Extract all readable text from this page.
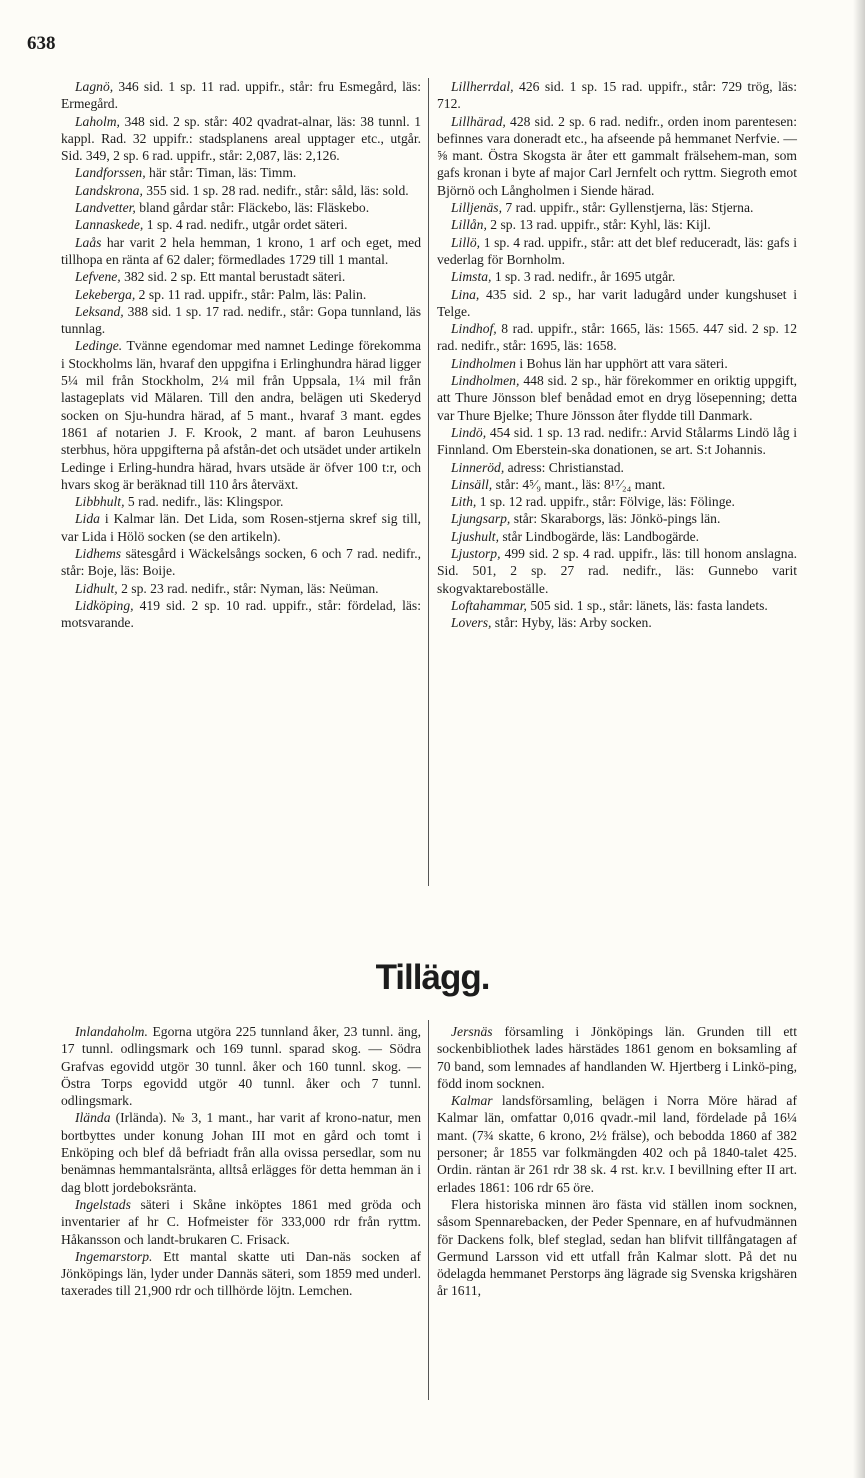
638

Lagnö, 346 sid. 1 sp. 11 rad. uppifr., står: fru Esmegård, läs: Ermegård.

Laholm, 348 sid. 2 sp. står: 402 qvadrat-alnar, läs: 38 tunnl. 1 kappl. Rad. 32 uppifr.: stadsplanens areal upptager etc., utgår. Sid. 349, 2 sp. 6 rad. uppifr., står: 2,087, läs: 2,126.

Landforssen, här står: Timan, läs: Timm.

Landskrona, 355 sid. 1 sp. 28 rad. nedifr., står: såld, läs: sold.

Landvetter, bland gårdar står: Fläckebo, läs: Fläskebo.

Lannaskede, 1 sp. 4 rad. nedifr., utgår ordet säteri.

Laås har varit 2 hela hemman, 1 krono, 1 arf och eget, med tillhopa en ränta af 62 daler; förmedlades 1729 till 1 mantal.

Lefvene, 382 sid. 2 sp. Ett mantal berustadt säteri.

Lekeberga, 2 sp. 11 rad. uppifr., står: Palm, läs: Palin.

Leksand, 388 sid. 1 sp. 17 rad. nedifr., står: Gopa tunnland, läs tunnlag.

Ledinge. Tvänne egendomar med namnet Ledinge förekomma i Stockholms län, hvaraf den uppgifna i Erlinghundra härad ligger 5¼ mil från Stockholm, 2¼ mil från Uppsala, 1¼ mil från lastageplats vid Mälaren. Till den andra, belägen uti Skederyd socken on Sju-hundra härad, af 5 mant., hvaraf 3 mant. egdes 1861 af notarien J. F. Krook, 2 mant. af baron Leuhusens sterbhus, höra uppgifterna på afstån-det och utsädet under artikeln Ledinge i Erling-hundra härad, hvars utsäde är öfver 100 t:r, och hvars skog är beräknad till 110 års återväxt.

Libbhult, 5 rad. nedifr., läs: Klingspor.

Lida i Kalmar län. Det Lida, som Rosen-stjerna skref sig till, var Lida i Hölö socken (se den artikeln).

Lidhems sätesgård i Wäckelsångs socken, 6 och 7 rad. nedifr., står: Boje, läs: Boije.

Lidhult, 2 sp. 23 rad. nedifr., står: Nyman, läs: Neüman.

Lidköping, 419 sid. 2 sp. 10 rad. uppifr., står: fördelad, läs: motsvarande.

Lillherrdal, 426 sid. 1 sp. 15 rad. uppifr., står: 729 trög, läs: 712.

Lillhärad, 428 sid. 2 sp. 6 rad. nedifr., orden inom parentesen: befinnes vara doneradt etc., ha afseende på hemmanet Nerfvie. — ⅝ mant. Östra Skogsta är åter ett gammalt frälsehem-man, som gafs kronan i byte af major Carl Jernfelt och ryttm. Siegroth emot Björnö och Långholmen i Siende härad.

Lilljenäs, 7 rad. uppifr., står: Gyllenstjerna, läs: Stjerna.

Lillån, 2 sp. 13 rad. uppifr., står: Kyhl, läs: Kijl.

Lillö, 1 sp. 4 rad. uppifr., står: att det blef reduceradt, läs: gafs i vederlag för Bornholm.

Limsta, 1 sp. 3 rad. nedifr., år 1695 utgår.

Lina, 435 sid. 2 sp., har varit ladugård under kungshuset i Telge.

Lindhof, 8 rad. uppifr., står: 1665, läs: 1565. 447 sid. 2 sp. 12 rad. nedifr., står: 1695, läs: 1658.

Lindholmen i Bohus län har upphört att vara säteri.

Lindholmen, 448 sid. 2 sp., här förekommer en oriktig uppgift, att Thure Jönsson blef benådad emot en dryg lösepenning; detta var Thure Bjelke; Thure Jönsson åter flydde till Danmark.

Lindö, 454 sid. 1 sp. 13 rad. nedifr.: Arvid Stålarms Lindö låg i Finnland. Om Eberstein-ska donationen, se art. S:t Johannis.

Linneröd, adress: Christianstad.

Linsäll, står: 4⁵⁄₉ mant., läs: 8¹⁷⁄₂₄ mant.

Lith, 1 sp. 12 rad. uppifr., står: Fölvige, läs: Fölinge.

Ljungsarp, står: Skaraborgs, läs: Jönkö-pings län.

Ljushult, står Lindbogärde, läs: Landbogärde.

Ljustorp, 499 sid. 2 sp. 4 rad. uppifr., läs: till honom anslagna. Sid. 501, 2 sp. 27 rad. nedifr., läs: Gunnebo varit skogvaktareboställe.

Loftahammar, 505 sid. 1 sp., står: länets, läs: fasta landets.

Lovers, står: Hyby, läs: Arby socken.

Tillägg.

Inlandaholm. Egorna utgöra 225 tunnland åker, 23 tunnl. äng, 17 tunnl. odlingsmark och 169 tunnl. sparad skog. — Södra Grafvas egovidd utgör 30 tunnl. åker och 160 tunnl. skog. — Östra Torps egovidd utgör 40 tunnl. åker och 7 tunnl. odlingsmark.

Ilända (Irlända). № 3, 1 mant., har varit af krono-natur, men bortbyttes under konung Johan III mot en gård och tomt i Enköping och blef då befriadt från alla ovissa persedlar, som nu benämnas hemmantalsränta, alltså erlägges för detta hemman än i dag blott jordeboksränta.

Ingelstads säteri i Skåne inköptes 1861 med gröda och inventarier af hr C. Hofmeister för 333,000 rdr från ryttm. Håkansson och landt-brukaren C. Frisack.

Ingemarstorp. Ett mantal skatte uti Dan-näs socken af Jönköpings län, lyder under Dannäs säteri, som 1859 med underl. taxerades till 21,900 rdr och tillhörde löjtn. Lemchen.

Jersnäs församling i Jönköpings län. Grunden till ett sockenbibliothek lades härstädes 1861 genom en boksamling af 70 band, som lemnades af handlanden W. Hjertberg i Linkö-ping, född inom socknen.

Kalmar landsförsamling, belägen i Norra Möre härad af Kalmar län, omfattar 0,016 qvadr.-mil land, fördelade på 16¼ mant. (7¾ skatte, 6 krono, 2½ frälse), och bebodda 1860 af 382 personer; år 1855 var folkmängden 402 och på 1840-talet 425. Ordin. räntan är 261 rdr 38 sk. 4 rst. kr.v. I bevillning efter II art. erlades 1861: 106 rdr 65 öre.

Flera historiska minnen äro fästa vid ställen inom socknen, såsom Spennarebacken, der Peder Spennare, en af hufvudmännen för Dackens folk, blef steglad, sedan han blifvit tillfångatagen af Germund Larsson vid ett utfall från Kalmar slott. På det nu ödelagda hemmanet Perstorps äng lägrade sig Svenska krigshären år 1611,
